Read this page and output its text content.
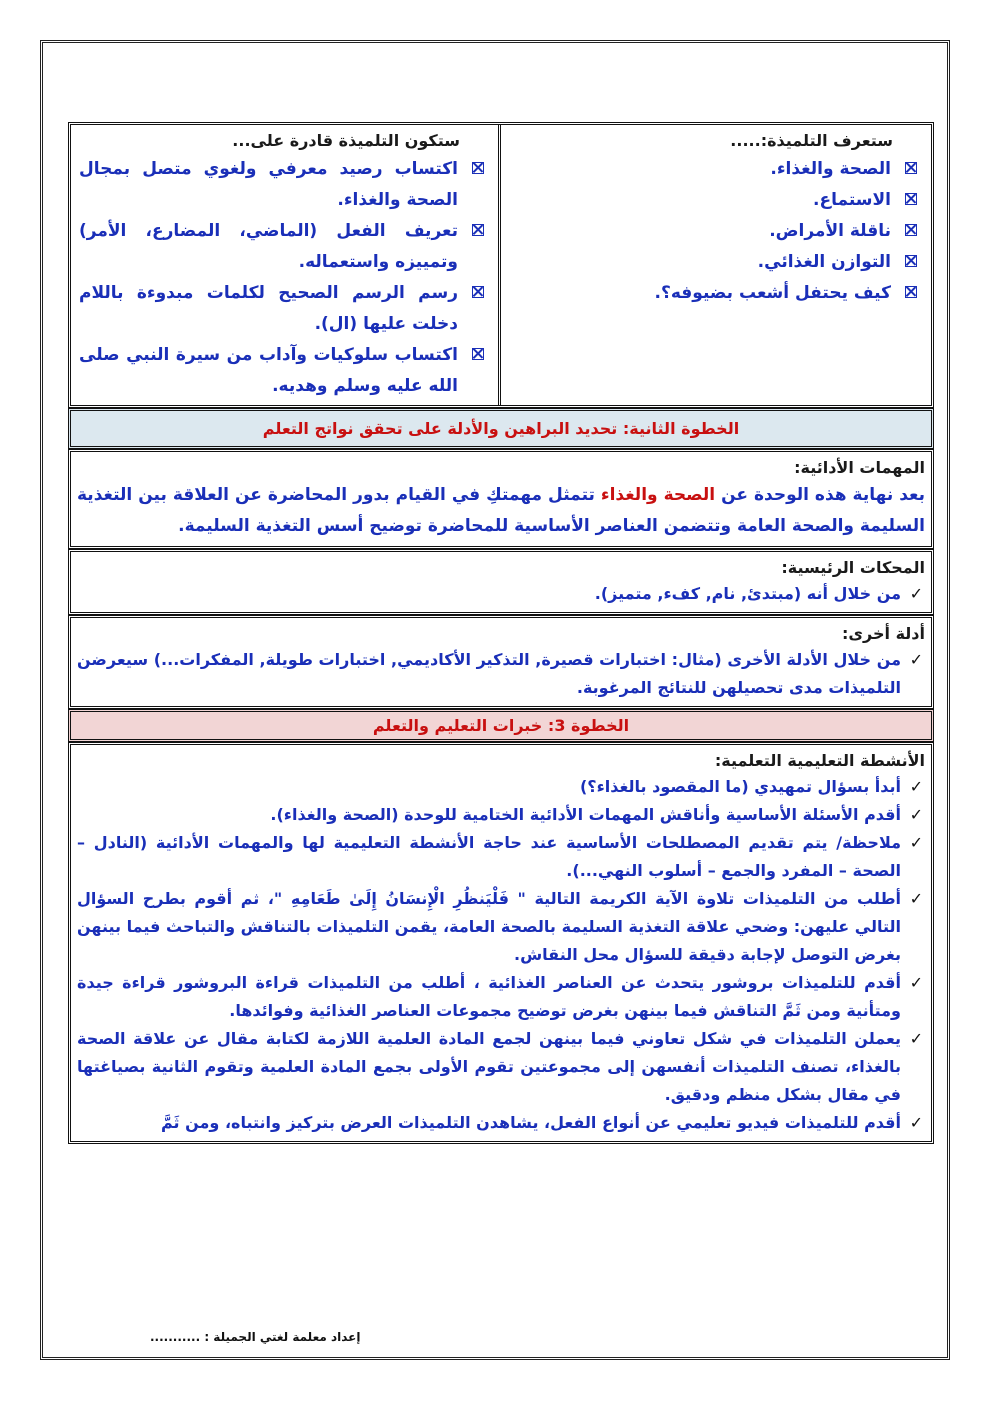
ستعرف التلميذة:.....
الصحة والغذاء.
الاستماع.
ناقلة الأمراض.
التوازن الغذائي.
كيف يحتفل أشعب بضيوفه؟.
ستكون التلميذة قادرة على...
اكتساب رصيد معرفي ولغوي متصل بمجال الصحة والغذاء.
تعريف الفعل (الماضي، المضارع، الأمر) وتمييزه واستعماله.
رسم الرسم الصحيح لكلمات مبدوءة باللام دخلت عليها (ال).
اكتساب سلوكيات وآداب من سيرة النبي صلى الله عليه وسلم وهديه.
الخطوة الثانية: تحديد البراهين والأدلة على تحقق نواتج التعلم
المهمات الأدائية:
بعد نهاية هذه الوحدة عن الصحة والغذاء تتمثل مهمتكِ في القيام بدور المحاضرة عن العلاقة بين التغذية السليمة والصحة العامة وتتضمن العناصر الأساسية للمحاضرة توضيح أسس التغذية السليمة.
المحكات الرئيسية:
✓
من خلال أنه (مبتدئ, نام, كفء, متميز).
أدلة أخرى:
✓
من خلال الأدلة الأخرى (مثال: اختبارات قصيرة, التذكير الأكاديمي, اختبارات طويلة, المفكرات...) سيعرضن التلميذات مدى تحصيلهن للنتائج المرغوبة.
الخطوة 3: خبرات التعليم والتعلم
الأنشطة التعليمية التعلمية:
✓
أبدأ بسؤال تمهيدي (ما المقصود بالغذاء؟)
✓
أقدم الأسئلة الأساسية وأناقش المهمات الأدائية الختامية للوحدة (الصحة والغذاء).
✓
ملاحظة/ يتم تقديم المصطلحات الأساسية عند حاجة الأنشطة التعليمية لها والمهمات الأدائية (النادل – الصحة – المفرد والجمع – أسلوب النهي...).
✓
أطلب من التلميذات تلاوة الآية الكريمة التالية " فَلْيَنظُرِ الْإِنسَانُ إِلَىٰ طَعَامِهِ "، ثم أقوم بطرح السؤال التالي عليهن: وضحي علاقة التغذية السليمة بالصحة العامة، يقمن التلميذات بالتناقش والتباحث فيما بينهن بغرض التوصل لإجابة دقيقة للسؤال محل النقاش.
✓
أقدم للتلميذات بروشور يتحدث عن العناصر الغذائية ، أطلب من التلميذات قراءة البروشور قراءة جيدة ومتأنية ومن ثَمَّ التناقش فيما بينهن بغرض توضيح مجموعات العناصر الغذائية وفوائدها.
✓
يعملن التلميذات في شكل تعاوني فيما بينهن لجمع المادة العلمية اللازمة لكتابة مقال عن علاقة الصحة بالغذاء، تصنف التلميذات أنفسهن إلى مجموعتين تقوم الأولى بجمع المادة العلمية وتقوم الثانية بصياغتها في مقال بشكل منظم ودقيق.
✓
أقدم للتلميذات فيديو تعليمي عن أنواع الفعل، يشاهدن التلميذات العرض بتركيز وانتباه، ومن ثَمَّ
إعداد معلمة لغتي الجميلة : ...........
